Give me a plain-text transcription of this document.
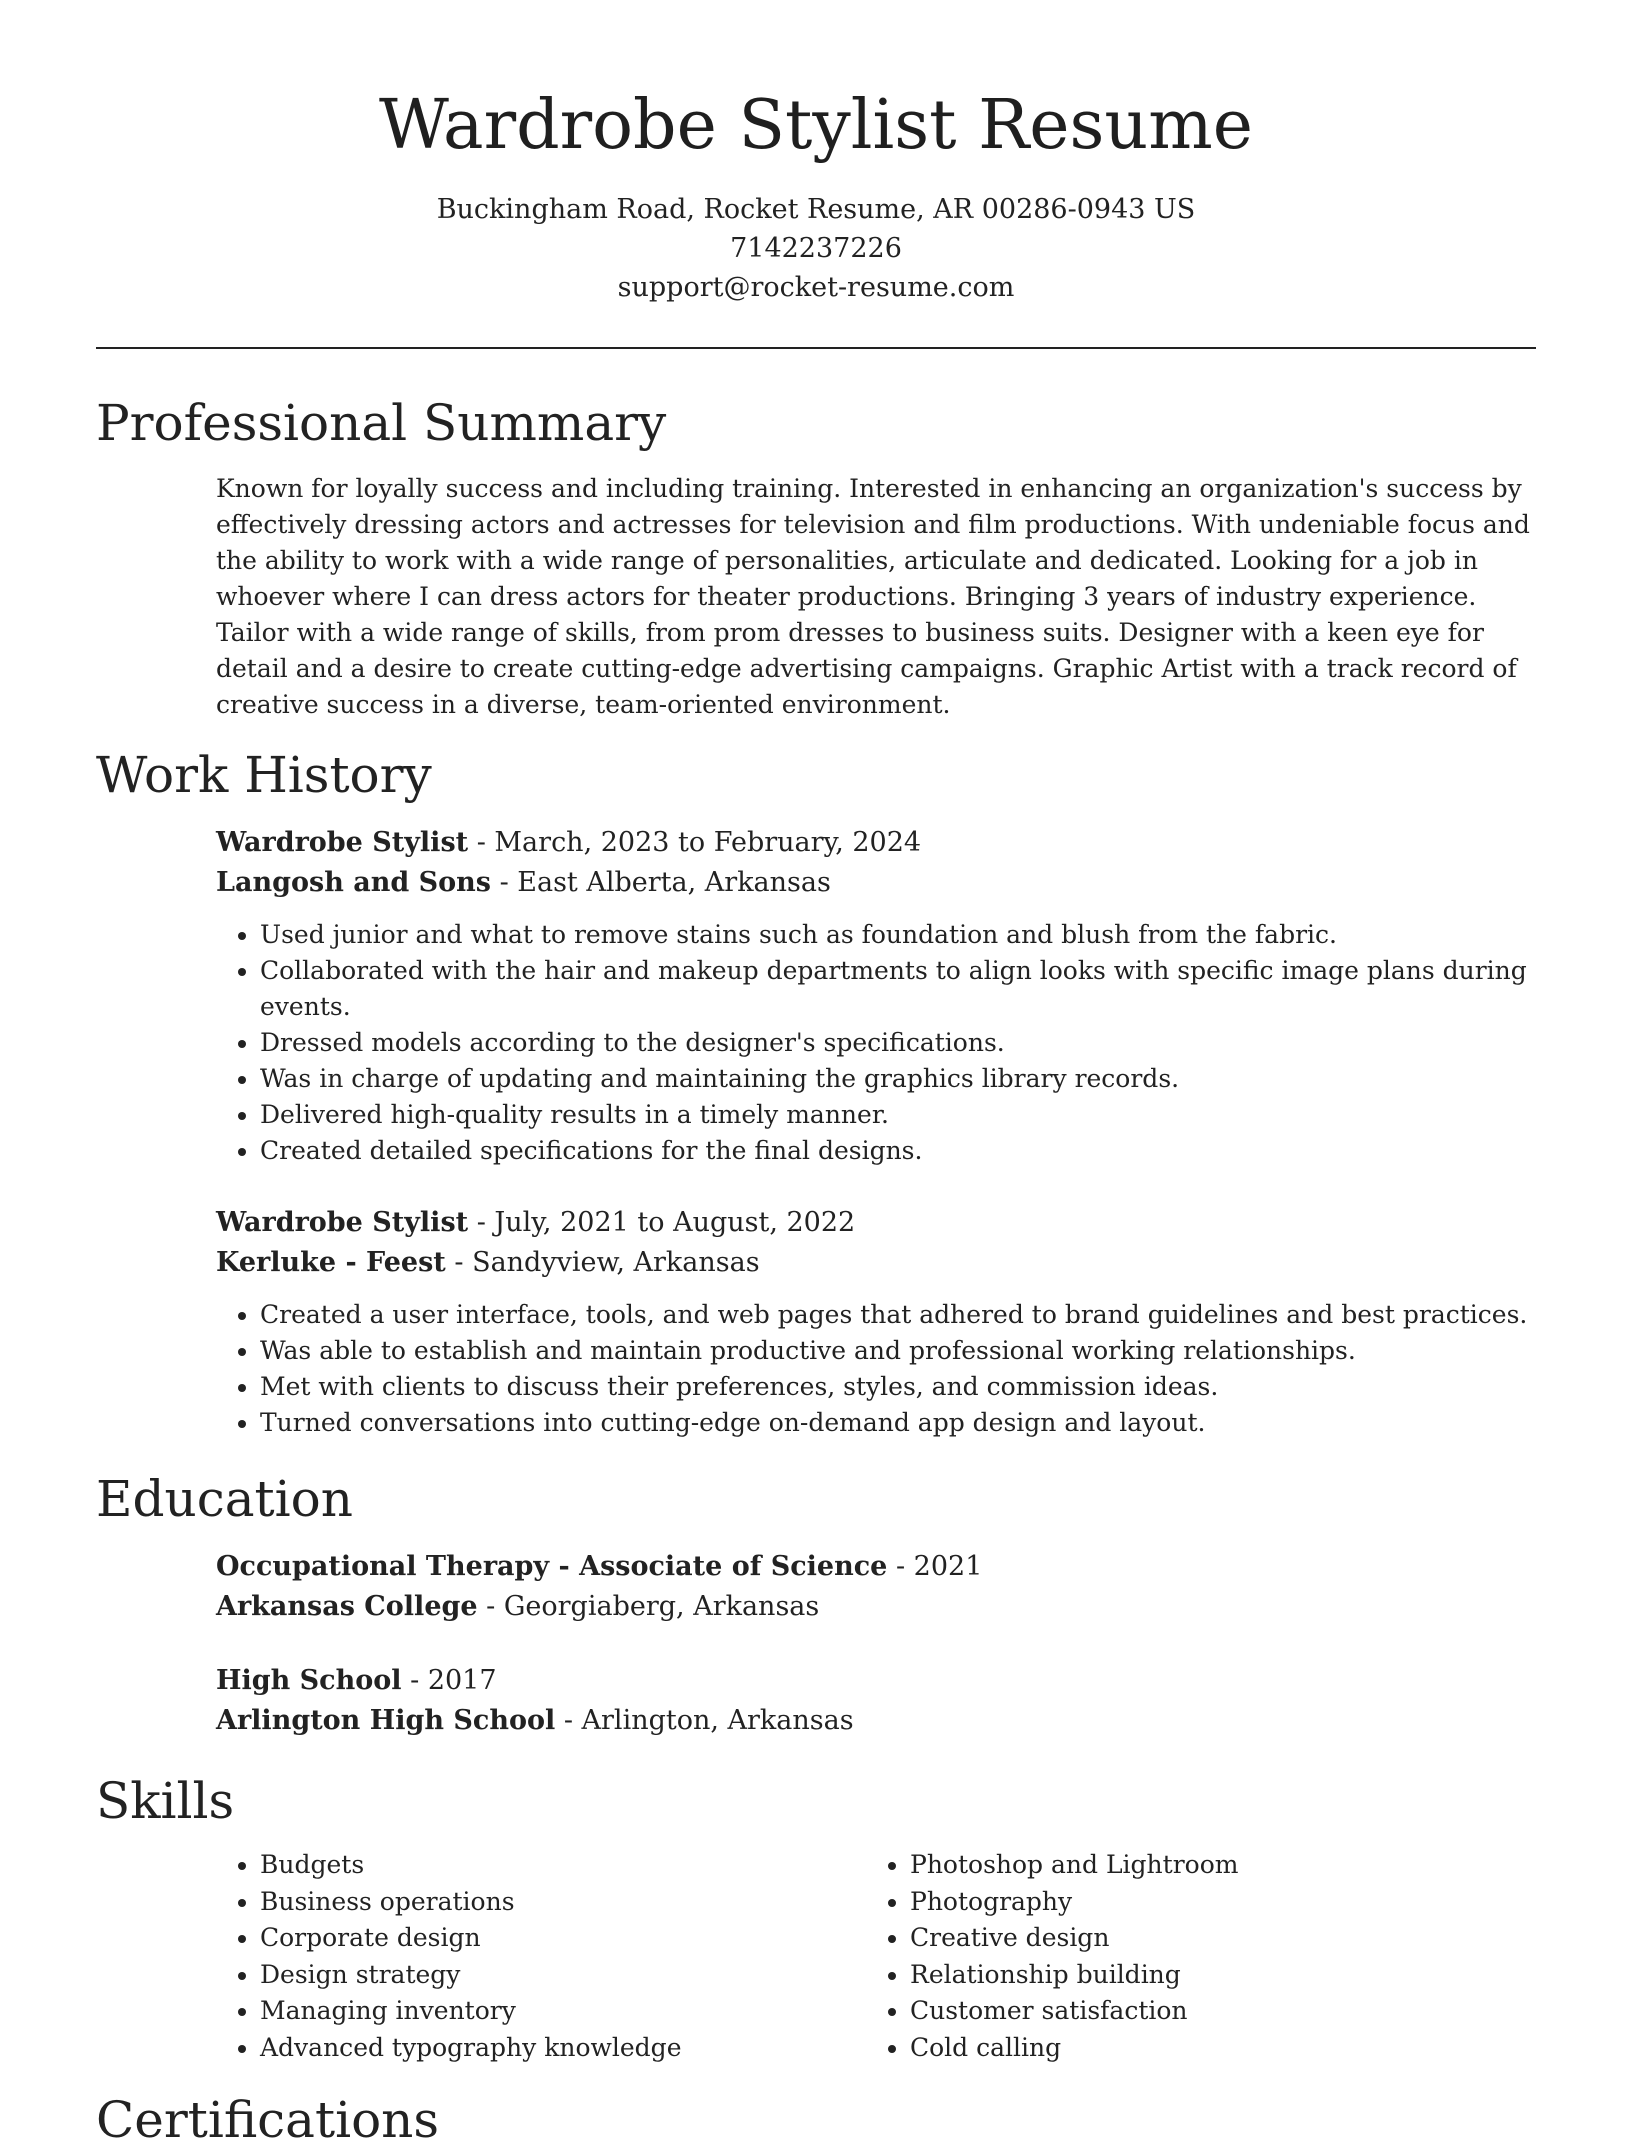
Wardrobe Stylist Resume
Buckingham Road, Rocket Resume, AR 00286-0943 US
7142237226
support@rocket-resume.com
Professional Summary
Known for loyally success and including training. Interested in enhancing an organization's success by effectively dressing actors and actresses for television and film productions. With undeniable focus and the ability to work with a wide range of personalities, articulate and dedicated. Looking for a job in whoever where I can dress actors for theater productions. Bringing 3 years of industry experience. Tailor with a wide range of skills, from prom dresses to business suits. Designer with a keen eye for detail and a desire to create cutting-edge advertising campaigns. Graphic Artist with a track record of creative success in a diverse, team-oriented environment.
Work History
Wardrobe Stylist - March, 2023 to February, 2024
Langosh and Sons - East Alberta, Arkansas
• Used junior and what to remove stains such as foundation and blush from the fabric.
• Collaborated with the hair and makeup departments to align looks with specific image plans during events.
• Dressed models according to the designer's specifications.
• Was in charge of updating and maintaining the graphics library records.
• Delivered high-quality results in a timely manner.
• Created detailed specifications for the final designs.
Wardrobe Stylist - July, 2021 to August, 2022
Kerluke - Feest - Sandyview, Arkansas
• Created a user interface, tools, and web pages that adhered to brand guidelines and best practices.
• Was able to establish and maintain productive and professional working relationships.
• Met with clients to discuss their preferences, styles, and commission ideas.
• Turned conversations into cutting-edge on-demand app design and layout.
Education
Occupational Therapy - Associate of Science - 2021
Arkansas College - Georgiaberg, Arkansas
High School - 2017
Arlington High School - Arlington, Arkansas
Skills
• Budgets
• Business operations
• Corporate design
• Design strategy
• Managing inventory
• Advanced typography knowledge
• Photoshop and Lightroom
• Photography
• Creative design
• Relationship building
• Customer satisfaction
• Cold calling
Certifications
